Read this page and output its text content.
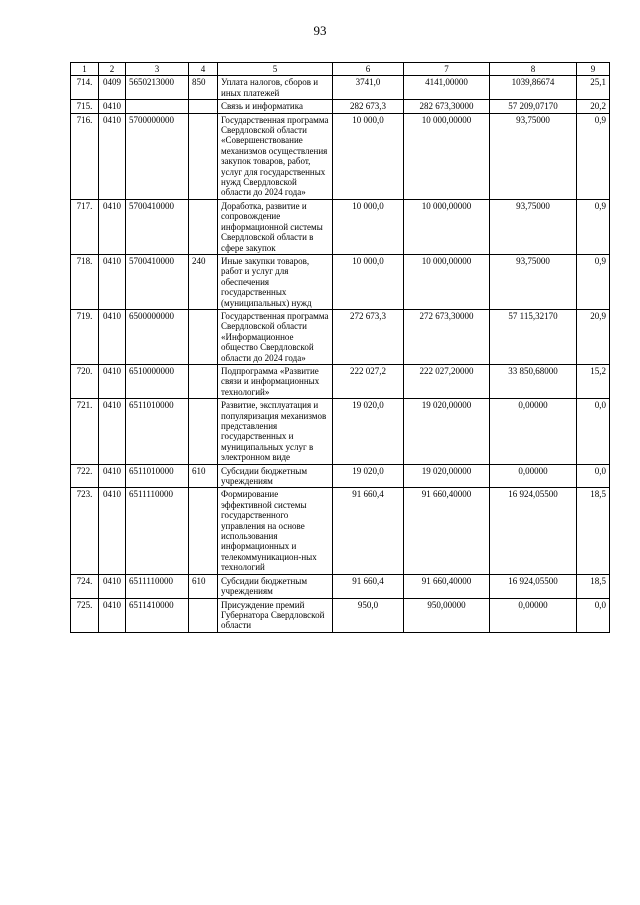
93
1	2	3	4	5	6	7	8	9
714.	0409	5650213000	850	Уплата налогов, сборов и иных платежей	3741,0	4141,00000	1039,86674	25,1
715.	0410			Связь и информатика	282 673,3	282 673,30000	57 209,07170	20,2
716.	0410	5700000000		Государственная программа Свердловской области «Совершенствование механизмов осуществления закупок товаров, работ, услуг для государственных нужд Свердловской области до 2024 года»	10 000,0	10 000,00000	93,75000	0,9
717.	0410	5700410000		Доработка, развитие и сопровождение информационной системы Свердловской области в сфере закупок	10 000,0	10 000,00000	93,75000	0,9
718.	0410	5700410000	240	Иные закупки товаров, работ и услуг для обеспечения государственных (муниципальных) нужд	10 000,0	10 000,00000	93,75000	0,9
719.	0410	6500000000		Государственная программа Свердловской области «Информационное общество Свердловской области до 2024 года»	272 673,3	272 673,30000	57 115,32170	20,9
720.	0410	6510000000		Подпрограмма «Развитие связи и информационных технологий»	222 027,2	222 027,20000	33 850,68000	15,2
721.	0410	6511010000		Развитие, эксплуатация и популяризация механизмов представления государственных и муниципальных услуг в электронном виде	19 020,0	19 020,00000	0,00000	0,0
722.	0410	6511010000	610	Субсидии бюджетным учреждениям	19 020,0	19 020,00000	0,00000	0,0
723.	0410	6511110000		Формирование эффективной системы государственного управления на основе использования информационных и телекоммуникацион-ных технологий	91 660,4	91 660,40000	16 924,05500	18,5
724.	0410	6511110000	610	Субсидии бюджетным учреждениям	91 660,4	91 660,40000	16 924,05500	18,5
725.	0410	6511410000		Присуждение премий Губернатора Свердловской области	950,0	950,00000	0,00000	0,0
